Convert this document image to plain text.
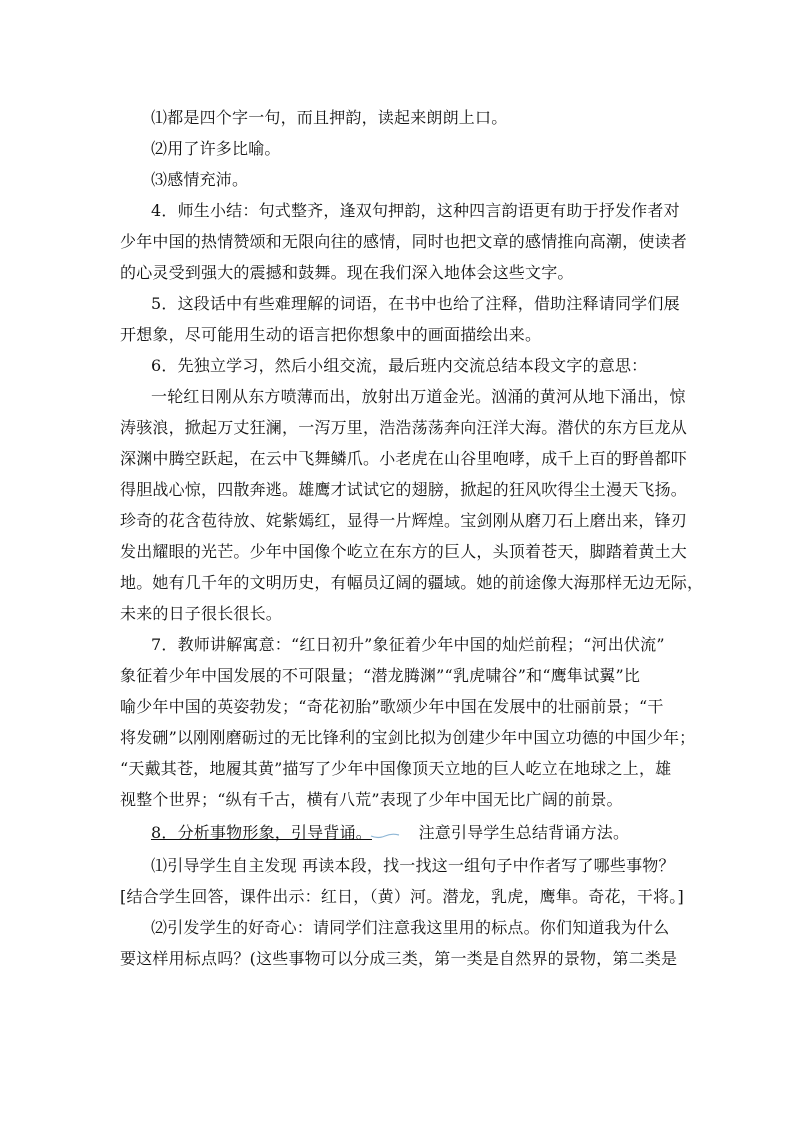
⑴都是四个字一句，而且押韵，读起来朗朗上口。
⑵用了许多比喻。
⑶感情充沛。
4．师生小结：句式整齐，逢双句押韵，这种四言韵语更有助于抒发作者对
少年中国的热情赞颂和无限向往的感情，同时也把文章的感情推向高潮，使读者
的心灵受到强大的震撼和鼓舞。现在我们深入地体会这些文字。
5．这段话中有些难理解的词语，在书中也给了注释，借助注释请同学们展
开想象，尽可能用生动的语言把你想象中的画面描绘出来。
6．先独立学习，然后小组交流，最后班内交流总结本段文字的意思：
一轮红日刚从东方喷薄而出，放射出万道金光。汹涌的黄河从地下涌出，惊
涛骇浪，掀起万丈狂澜，一泻万里，浩浩荡荡奔向汪洋大海。潜伏的东方巨龙从
深渊中腾空跃起，在云中飞舞鳞爪。小老虎在山谷里咆哮，成千上百的野兽都吓
得胆战心惊，四散奔逃。雄鹰才试试它的翅膀，掀起的狂风吹得尘土漫天飞扬。
珍奇的花含苞待放、姹紫嫣红，显得一片辉煌。宝剑刚从磨刀石上磨出来，锋刃
发出耀眼的光芒。少年中国像个屹立在东方的巨人，头顶着苍天，脚踏着黄土大
地。她有几千年的文明历史，有幅员辽阔的疆域。她的前途像大海那样无边无际，
未来的日子很长很长。
7．教师讲解寓意：“红日初升”象征着少年中国的灿烂前程；“河出伏流”
象征着少年中国发展的不可限量；“潜龙腾渊”“乳虎啸谷”和“鹰隼试翼”比
喻少年中国的英姿勃发；“奇花初胎”歌颂少年中国在发展中的壮丽前景；“干
将发硎”以刚刚磨砺过的无比锋利的宝剑比拟为创建少年中国立功德的中国少年；
“天戴其苍，地履其黄”描写了少年中国像顶天立地的巨人屹立在地球之上，雄
视整个世界；“纵有千古，横有八荒”表现了少年中国无比广阔的前景。
8．分析事物形象，引导背诵。	注意引导学生总结背诵方法。
⑴引导学生自主发现 再读本段，找一找这一组句子中作者写了哪些事物？
[结合学生回答，课件出示：红日，（黄）河。潜龙，乳虎，鹰隼。奇花，干将。]
⑵引发学生的好奇心：请同学们注意我这里用的标点。你们知道我为什么
要这样用标点吗？(这些事物可以分成三类，第一类是自然界的景物，第二类是
